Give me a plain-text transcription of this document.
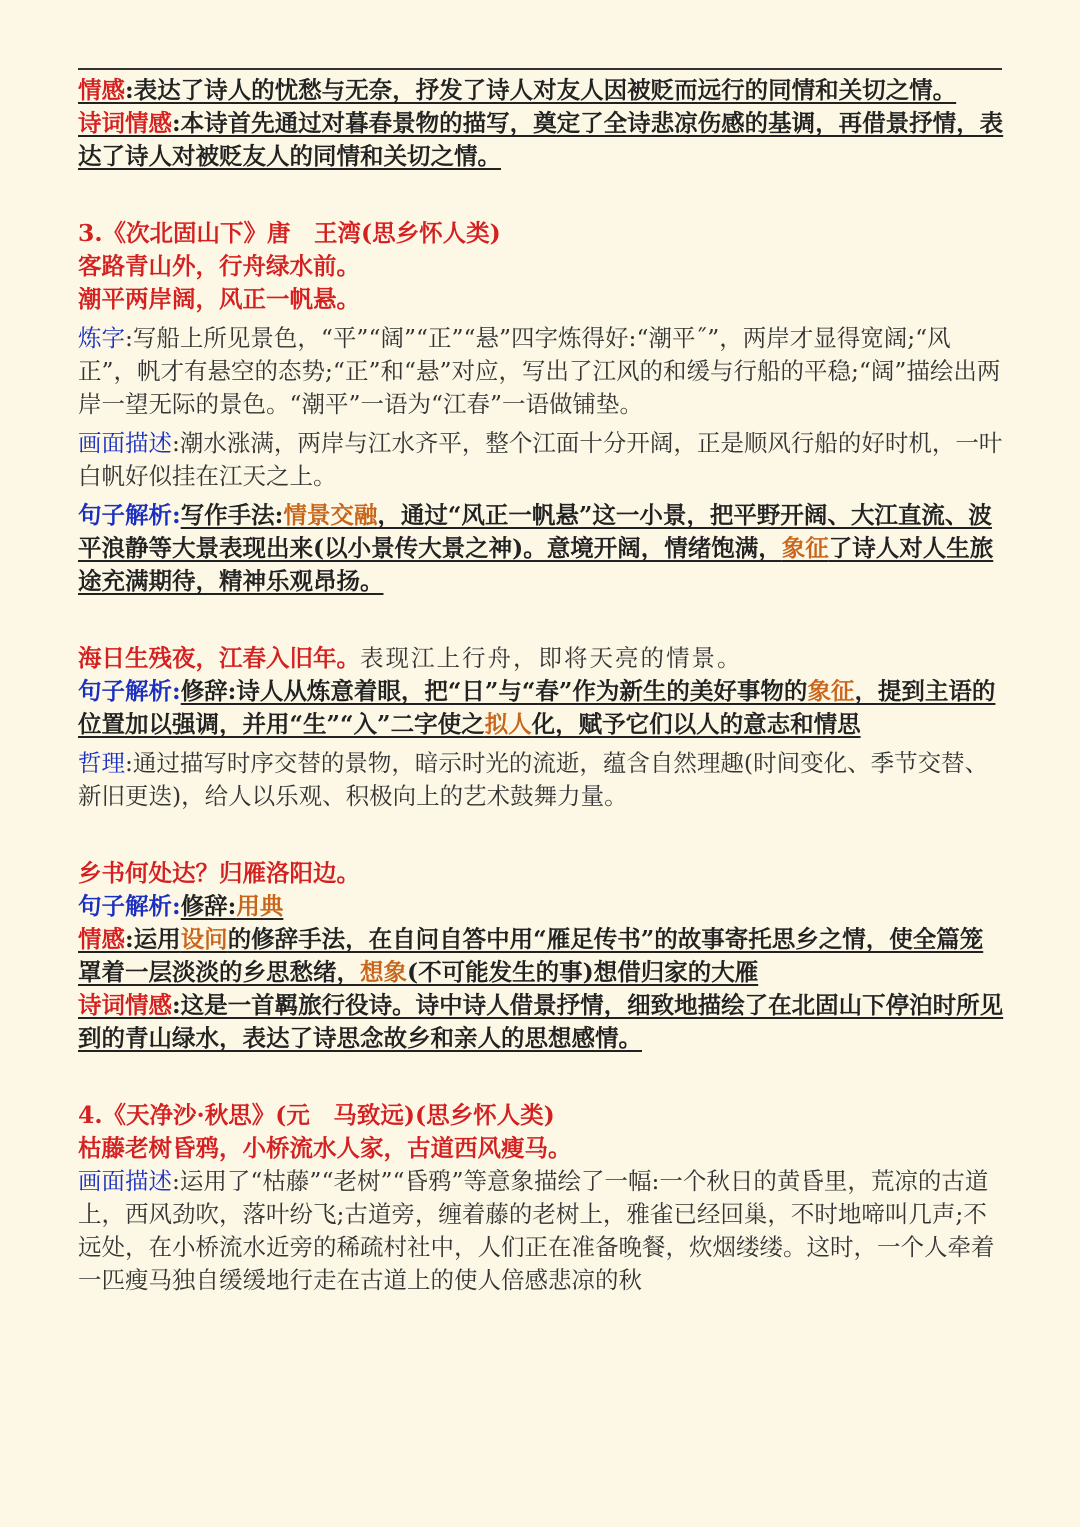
情感:表达了诗人的忧愁与无奈，抒发了诗人对友人因被贬而远行的同情和关切之情。

诗词情感:本诗首先通过对暮春景物的描写，奠定了全诗悲凉伤感的基调，再借景抒情，表达了诗人对被贬友人的同情和关切之情。

3.《次北固山下》唐　王湾(思乡怀人类)

客路青山外，行舟绿水前。

潮平两岸阔，风正一帆悬。

炼字:写船上所见景色，“平”“阔”“正”“悬”四字炼得好:“潮平˝”，两岸才显得宽阔;“风正”，帆才有悬空的态势;“正”和“悬”对应，写出了江风的和缓与行船的平稳;“阔”描绘出两岸一望无际的景色。“潮平”一语为“江春”一语做铺垫。

画面描述:潮水涨满，两岸与江水齐平，整个江面十分开阔，正是顺风行船的好时机，一叶白帆好似挂在江天之上。

句子解析:写作手法:情景交融，通过“风正一帆悬”这一小景，把平野开阔、大江直流、波平浪静等大景表现出来(以小景传大景之神)。意境开阔，情绪饱满，象征了诗人对人生旅途充满期待，精神乐观昂扬。

海日生残夜，江春入旧年。表现江上行舟，即将天亮的情景。

句子解析:修辞:诗人从炼意着眼，把“日”与“春”作为新生的美好事物的象征，提到主语的位置加以强调，并用“生”“入”二字使之拟人化，赋予它们以人的意志和情思

哲理:通过描写时序交替的景物，暗示时光的流逝，蕴含自然理趣(时间变化、季节交替、新旧更迭)，给人以乐观、积极向上的艺术鼓舞力量。

乡书何处达？归雁洛阳边。

句子解析:修辞:用典

情感:运用设问的修辞手法，在自问自答中用“雁足传书”的故事寄托思乡之情，使全篇笼罩着一层淡淡的乡思愁绪，想象(不可能发生的事)想借归家的大雁

诗词情感:这是一首羁旅行役诗。诗中诗人借景抒情，细致地描绘了在北固山下停泊时所见到的青山绿水，表达了诗思念故乡和亲人的思想感情。

4.《天净沙·秋思》(元　马致远)(思乡怀人类)

枯藤老树昏鸦，小桥流水人家，古道西风瘦马。

画面描述:运用了“枯藤”“老树”“昏鸦”等意象描绘了一幅:一个秋日的黄昏里，荒凉的古道上，西风劲吹，落叶纷飞;古道旁，缠着藤的老树上，雅雀已经回巢，不时地啼叫几声;不远处，在小桥流水近旁的稀疏村社中，人们正在准备晚餐，炊烟缕缕。这时，一个人牵着一匹瘦马独自缓缓地行走在古道上的使人倍感悲凉的秋
